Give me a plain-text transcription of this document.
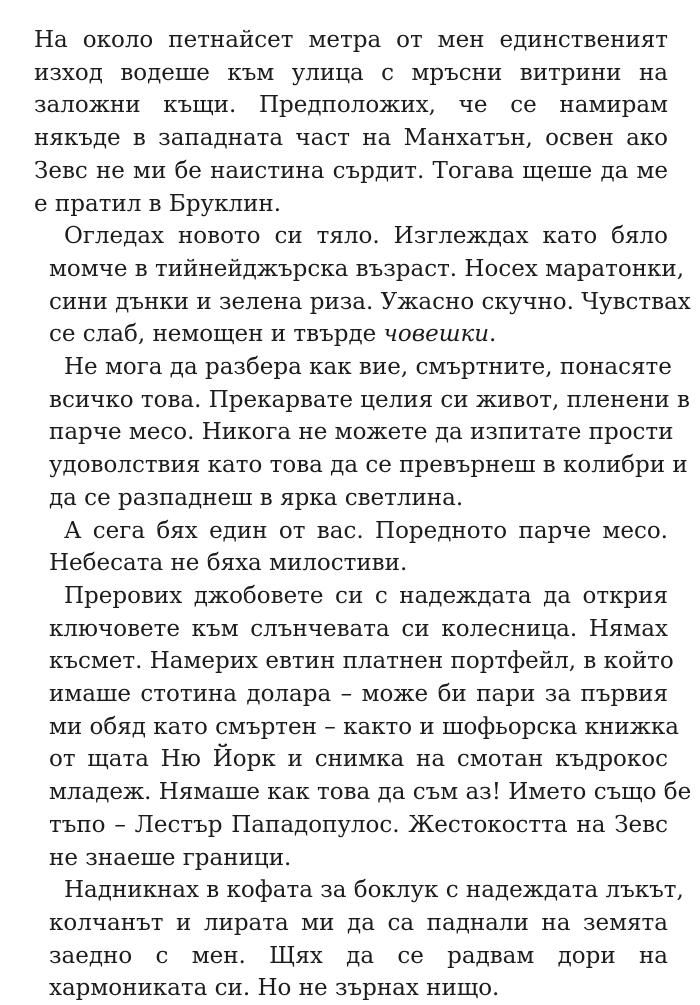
На около петнайсет метра от мен единственият
изход водеше към улица с мръсни витрини на
заложни къщи. Предположих, че се намирам
някъде в западната част на Манхатън, освен ако
Зевс не ми бе наистина сърдит. Тогава щеше да ме
е пратил в Бруклин.
Огледах новото си тяло. Изглеждах като бяло
момче в тийнейджърска възраст. Носех маратонки,
сини дънки и зелена риза. Ужасно скучно. Чувствах
се слаб, немощен и твърде човешки.
Не мога да разбера как вие, смъртните, понасяте
всичко това. Прекарвате целия си живот, пленени в
парче месо. Никога не можете да изпитате прости
удоволствия като това да се превърнеш в колибри и
да се разпаднеш в ярка светлина.
А сега бях един от вас. Поредното парче месо.
Небесата не бяха милостиви.
Преровиx джобовете си с надеждата да открия
ключовете към слънчевата си колесница. Нямах
късмет. Намерих евтин платнен портфейл, в който
имаше стотина долара – може би пари за първия
ми обяд като смъртен – както и шофьорска книжка
от щата Ню Йорк и снимка на смотан къдрокос
младеж. Нямаше как това да съм аз! Името също бе
тъпо – Лестър Пападопулос. Жестокостта на Зевс
не знаеше граници.
Надникнах в кофата за боклук с надеждата лъкът,
колчанът и лирата ми да са паднали на земята
заедно с мен. Щях да се радвам дори на
хармониката си. Но не зърнах нищо.
